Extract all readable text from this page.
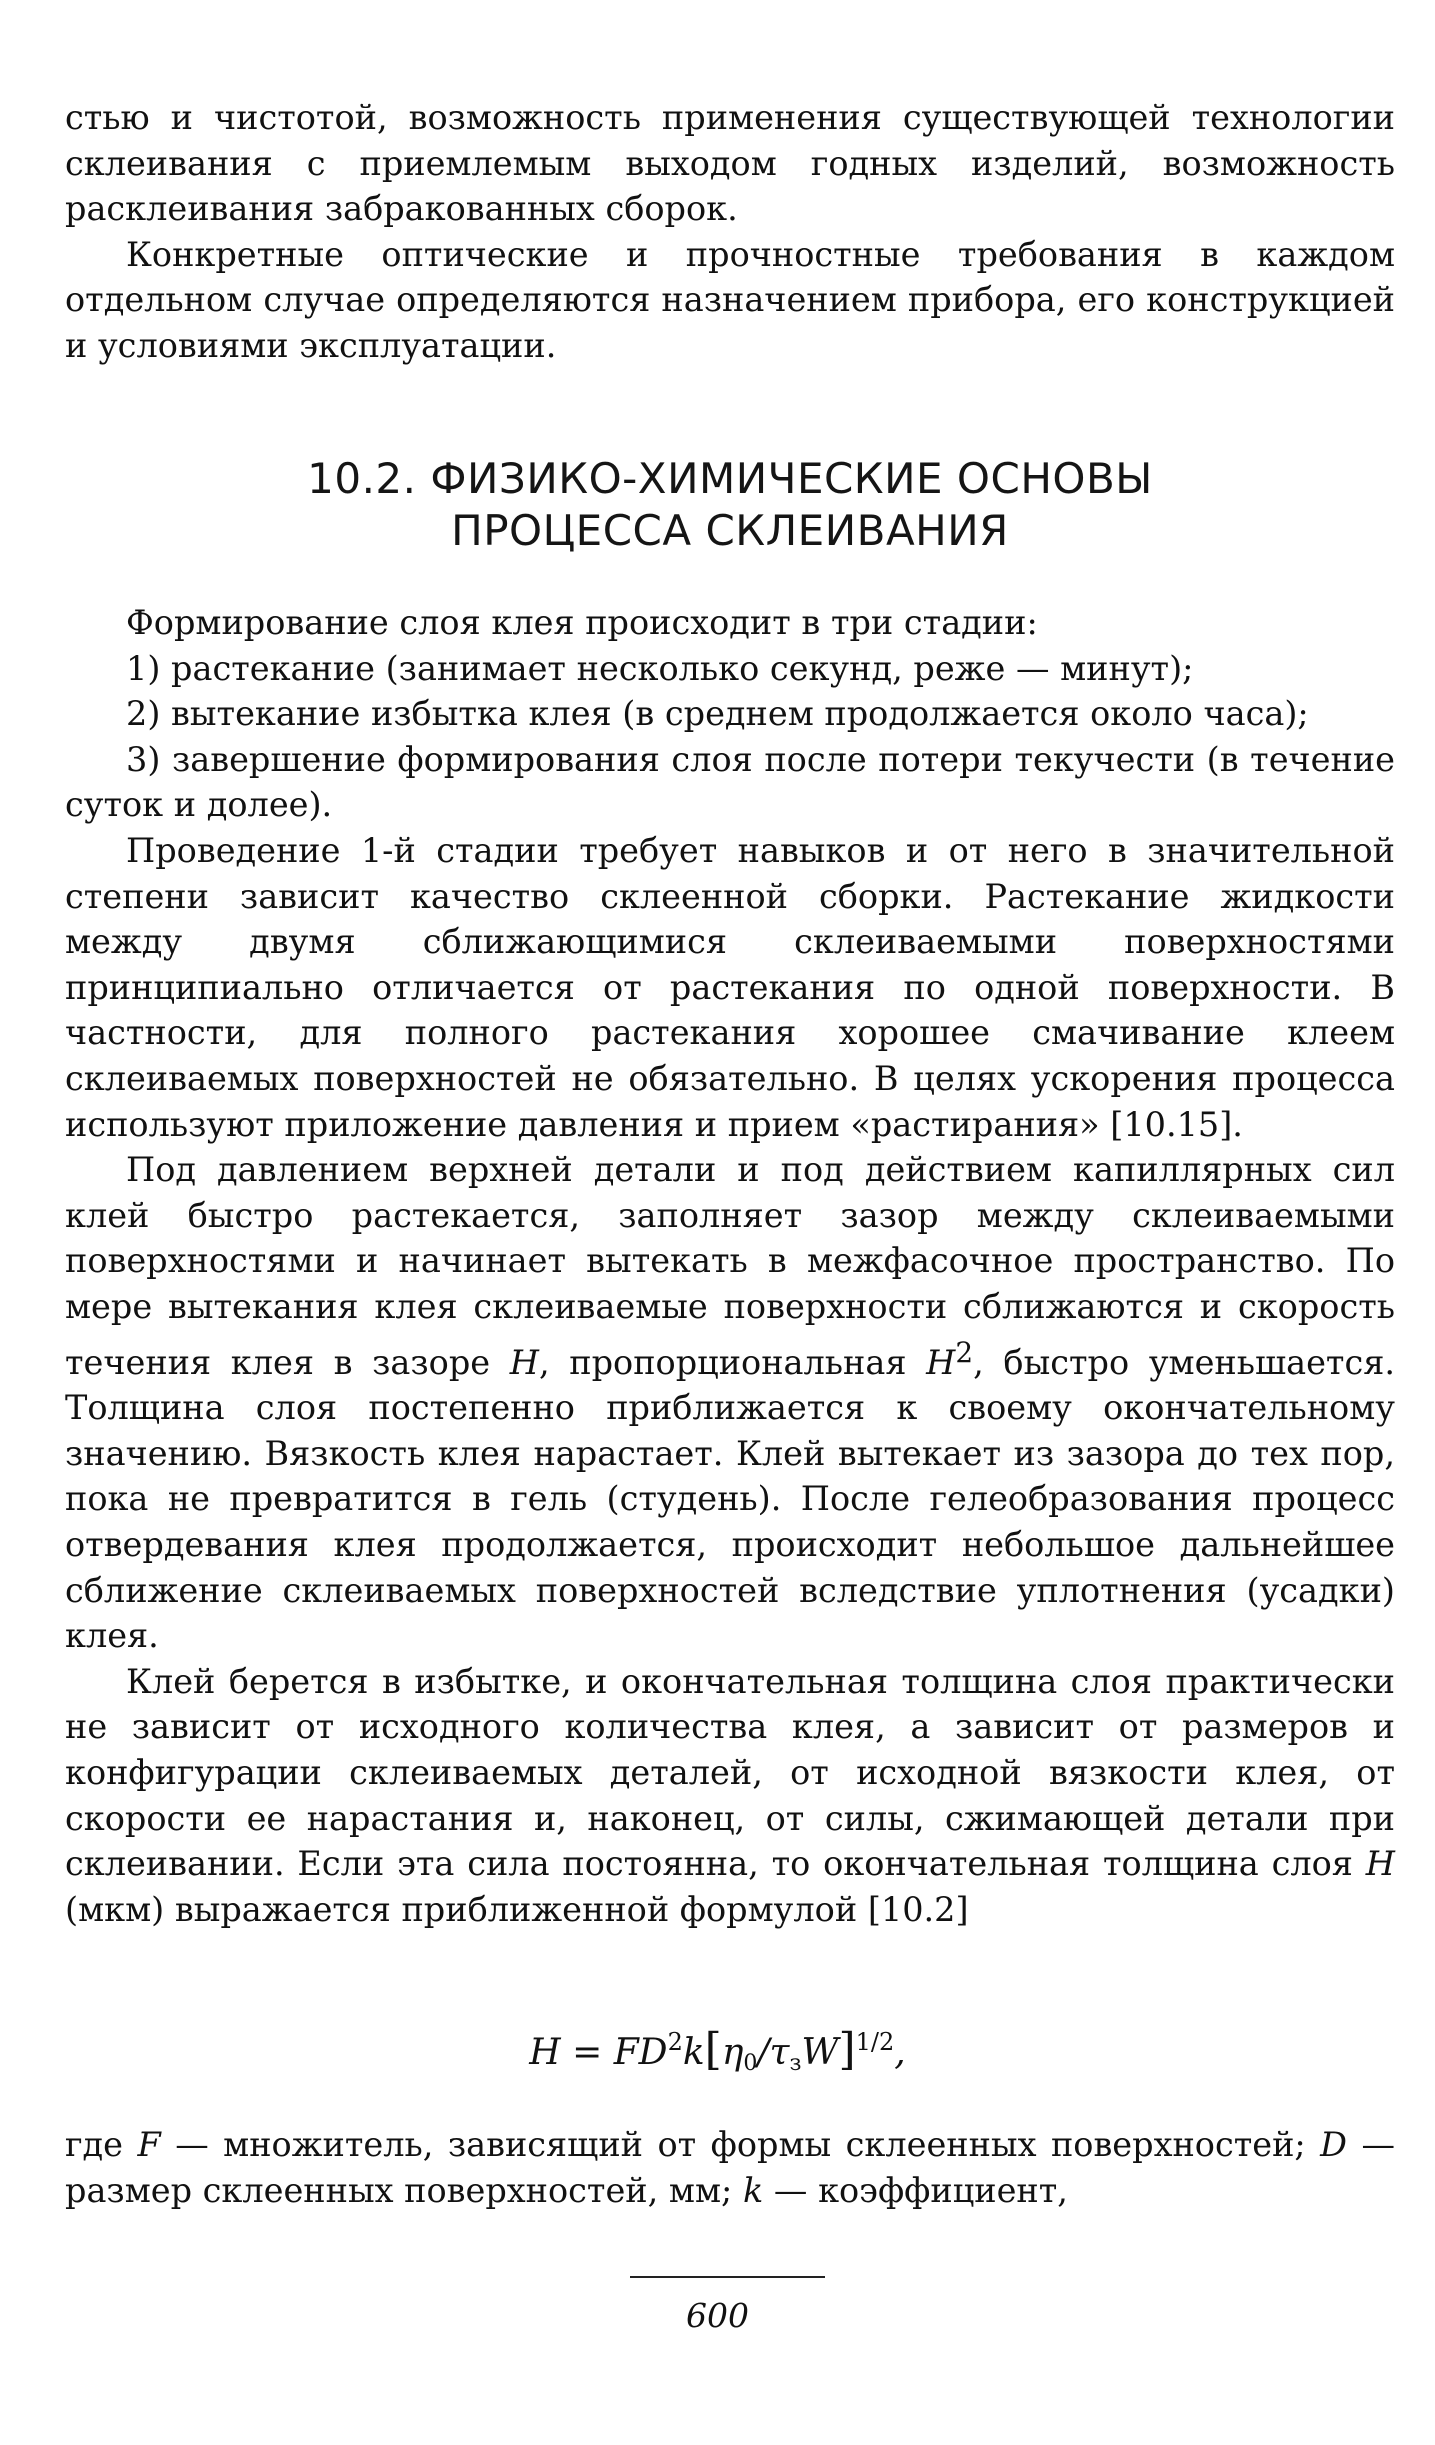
стью и чистотой, возможность применения существующей технологии склеивания с приемлемым выходом годных изделий, возможность расклеивания забракованных сборок.

Конкретные оптические и прочностные требования в каждом отдельном случае определяются назначением прибора, его конструкцией и условиями эксплуатации.

10.2. ФИЗИКО-ХИМИЧЕСКИЕ ОСНОВЫ
ПРОЦЕССА СКЛЕИВАНИЯ

Формирование слоя клея происходит в три стадии:

1) растекание (занимает несколько секунд, реже — минут);

2) вытекание избытка клея (в среднем продолжается около часа);

3) завершение формирования слоя после потери текучести (в течение суток и долее).

Проведение 1-й стадии требует навыков и от него в значительной степени зависит качество склеенной сборки. Растекание жидкости между двумя сближающимися склеиваемыми поверхностями принципиально отличается от растекания по одной поверхности. В частности, для полного растекания хорошее смачивание клеем склеиваемых поверхностей не обязательно. В целях ускорения процесса используют приложение давления и прием «растирания» [10.15].

Под давлением верхней детали и под действием капиллярных сил клей быстро растекается, заполняет зазор между склеиваемыми поверхностями и начинает вытекать в межфасочное пространство. По мере вытекания клея склеиваемые поверхности сближаются и скорость течения клея в зазоре H, пропорциональная $H^2$, быстро уменьшается. Толщина слоя постепенно приближается к своему окончательному значению. Вязкость клея нарастает. Клей вытекает из зазора до тех пор, пока не превратится в гель (студень). После гелеобразования процесс отвердевания клея продолжается, происходит небольшое дальнейшее сближение склеиваемых поверхностей вследствие уплотнения (усадки) клея.

Клей берется в избытке, и окончательная толщина слоя практически не зависит от исходного количества клея, а зависит от размеров и конфигурации склеиваемых деталей, от исходной вязкости клея, от скорости ее нарастания и, наконец, от силы, сжимающей детали при склеивании. Если эта сила постоянна, то окончательная толщина слоя H (мкм) выражается приближенной формулой [10.2]

$H = FD^2k[\eta_0/\tau_зW]^{1/2}$,

где F — множитель, зависящий от формы склеенных поверхностей; D — размер склеенных поверхностей, мм; k — коэффициент,

600
